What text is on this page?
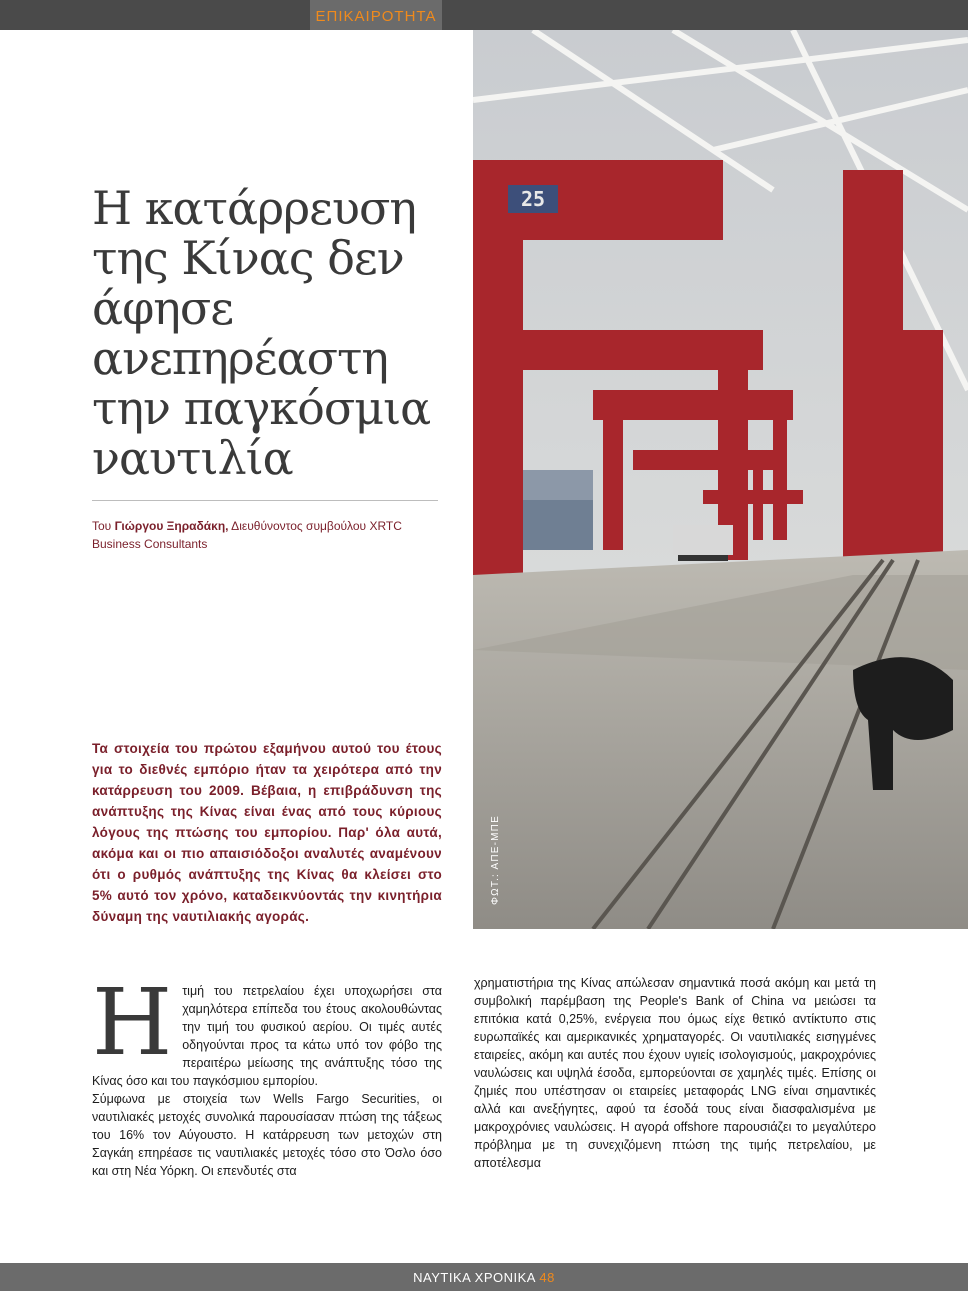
ΕΠΙΚΑΙΡΟΤΗΤΑ
25
ΦΩΤ.: ΑΠΕ-ΜΠΕ
Η κατάρρευση της Κίνας δεν άφησε ανεπηρέαστη την παγκόσμια ναυτιλία
Του Γιώργου Ξηραδάκη, Διευθύνοντος συμβούλου XRTC Business Consultants

Τα στοιχεία του πρώτου εξαμήνου αυτού του έτους για το διεθνές εμπόριο ήταν τα χειρότερα από την κατάρρευση του 2009. Βέβαια, η επιβράδυνση της ανάπτυξης της Κίνας είναι ένας από τους κύριους λόγους της πτώσης του εμπορίου. Παρ' όλα αυτά, ακόμα και οι πιο απαισιόδοξοι αναλυτές αναμένουν ότι ο ρυθμός ανάπτυξης της Κίνας θα κλείσει στο 5% αυτό τον χρόνο, καταδεικνύοντάς την κινητήρια δύναμη της ναυτιλιακής αγοράς.

Η τιμή του πετρελαίου έχει υποχωρήσει στα χαμηλότερα επίπεδα του έτους ακολουθώντας την τιμή του φυσικού αερίου. Οι τιμές αυτές οδηγούνται προς τα κάτω υπό τον φόβο της περαιτέρω μείωσης της ανάπτυξης τόσο της Κίνας όσο και του παγκόσμιου εμπορίου.

Σύμφωνα με στοιχεία των Wells Fargo Securities, οι ναυτιλιακές μετοχές συνολικά παρουσίασαν πτώση της τάξεως του 16% τον Αύγουστο. Η κατάρρευση των μετοχών στη Σαγκάη επηρέασε τις ναυτιλιακές μετοχές τόσο στο Όσλο όσο και στη Νέα Υόρκη. Οι επενδυτές στα

χρηματιστήρια της Κίνας απώλεσαν σημαντικά ποσά ακόμη και μετά τη συμβολική παρέμβαση της People's Bank of China να μειώσει τα επιτόκια κατά 0,25%, ενέργεια που όμως είχε θετικό αντίκτυπο στις ευρωπαϊκές και αμερικανικές χρηματαγορές. Οι ναυτιλιακές εισηγμένες εταιρείες, ακόμη και αυτές που έχουν υγιείς ισολογισμούς, μακροχρόνιες ναυλώσεις και υψηλά έσοδα, εμπορεύονται σε χαμηλές τιμές. Επίσης οι ζημιές που υπέστησαν οι εταιρείες μεταφοράς LNG είναι σημαντικές αλλά και ανεξήγητες, αφού τα έσοδά τους είναι διασφαλισμένα με μακροχρόνιες ναυλώσεις. Η αγορά offshore παρουσιάζει το μεγαλύτερο πρόβλημα με τη συνεχιζόμενη πτώση της τιμής πετρελαίου, με αποτέλεσμα

ΝΑΥΤΙΚΑ ΧΡΟΝΙΚΑ 48
